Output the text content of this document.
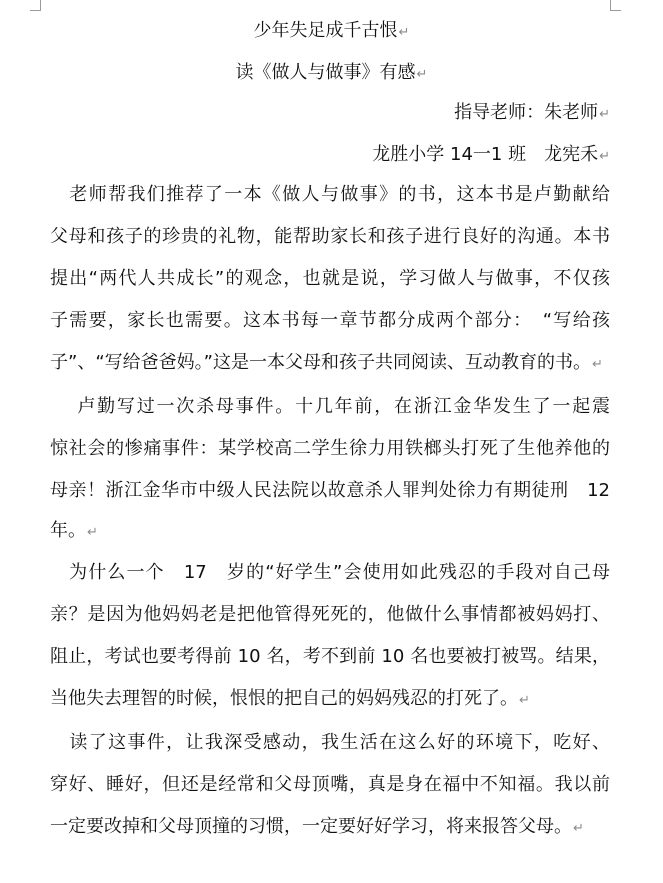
少年失足成千古恨↵
读《做人与做事》有感↵
指导老师：朱老师↵
龙胜小学 14一1 班　龙宪禾↵
　老师帮我们推荐了一本《做人与做事》的书，这本书是卢勤献给
父母和孩子的珍贵的礼物，能帮助家长和孩子进行良好的沟通。本书
提出“两代人共成长”的观念，也就是说，学习做人与做事，不仅孩
子需要，家长也需要。这本书每一章节都分成两个部分：　“写给孩
子”、“写给爸爸妈。”这是一本父母和孩子共同阅读、互动教育的书。↵
　 卢勤写过一次杀母事件。十几年前，在浙江金华发生了一起震
惊社会的惨痛事件：某学校高二学生徐力用铁榔头打死了生他养他的
母亲！浙江金华市中级人民法院以故意杀人罪判处徐力有期徒刑　12
年。↵
　为什么一个　17　岁的“好学生”会使用如此残忍的手段对自己母
亲？是因为他妈妈老是把他管得死死的，他做什么事情都被妈妈打、
阻止，考试也要考得前 10 名，考不到前 10 名也要被打被骂。结果，
当他失去理智的时候，恨恨的把自己的妈妈残忍的打死了。↵
　读了这事件，让我深受感动，我生活在这么好的环境下，吃好、
穿好、睡好，但还是经常和父母顶嘴，真是身在福中不知福。我以前
一定要改掉和父母顶撞的习惯，一定要好好学习，将来报答父母。↵
